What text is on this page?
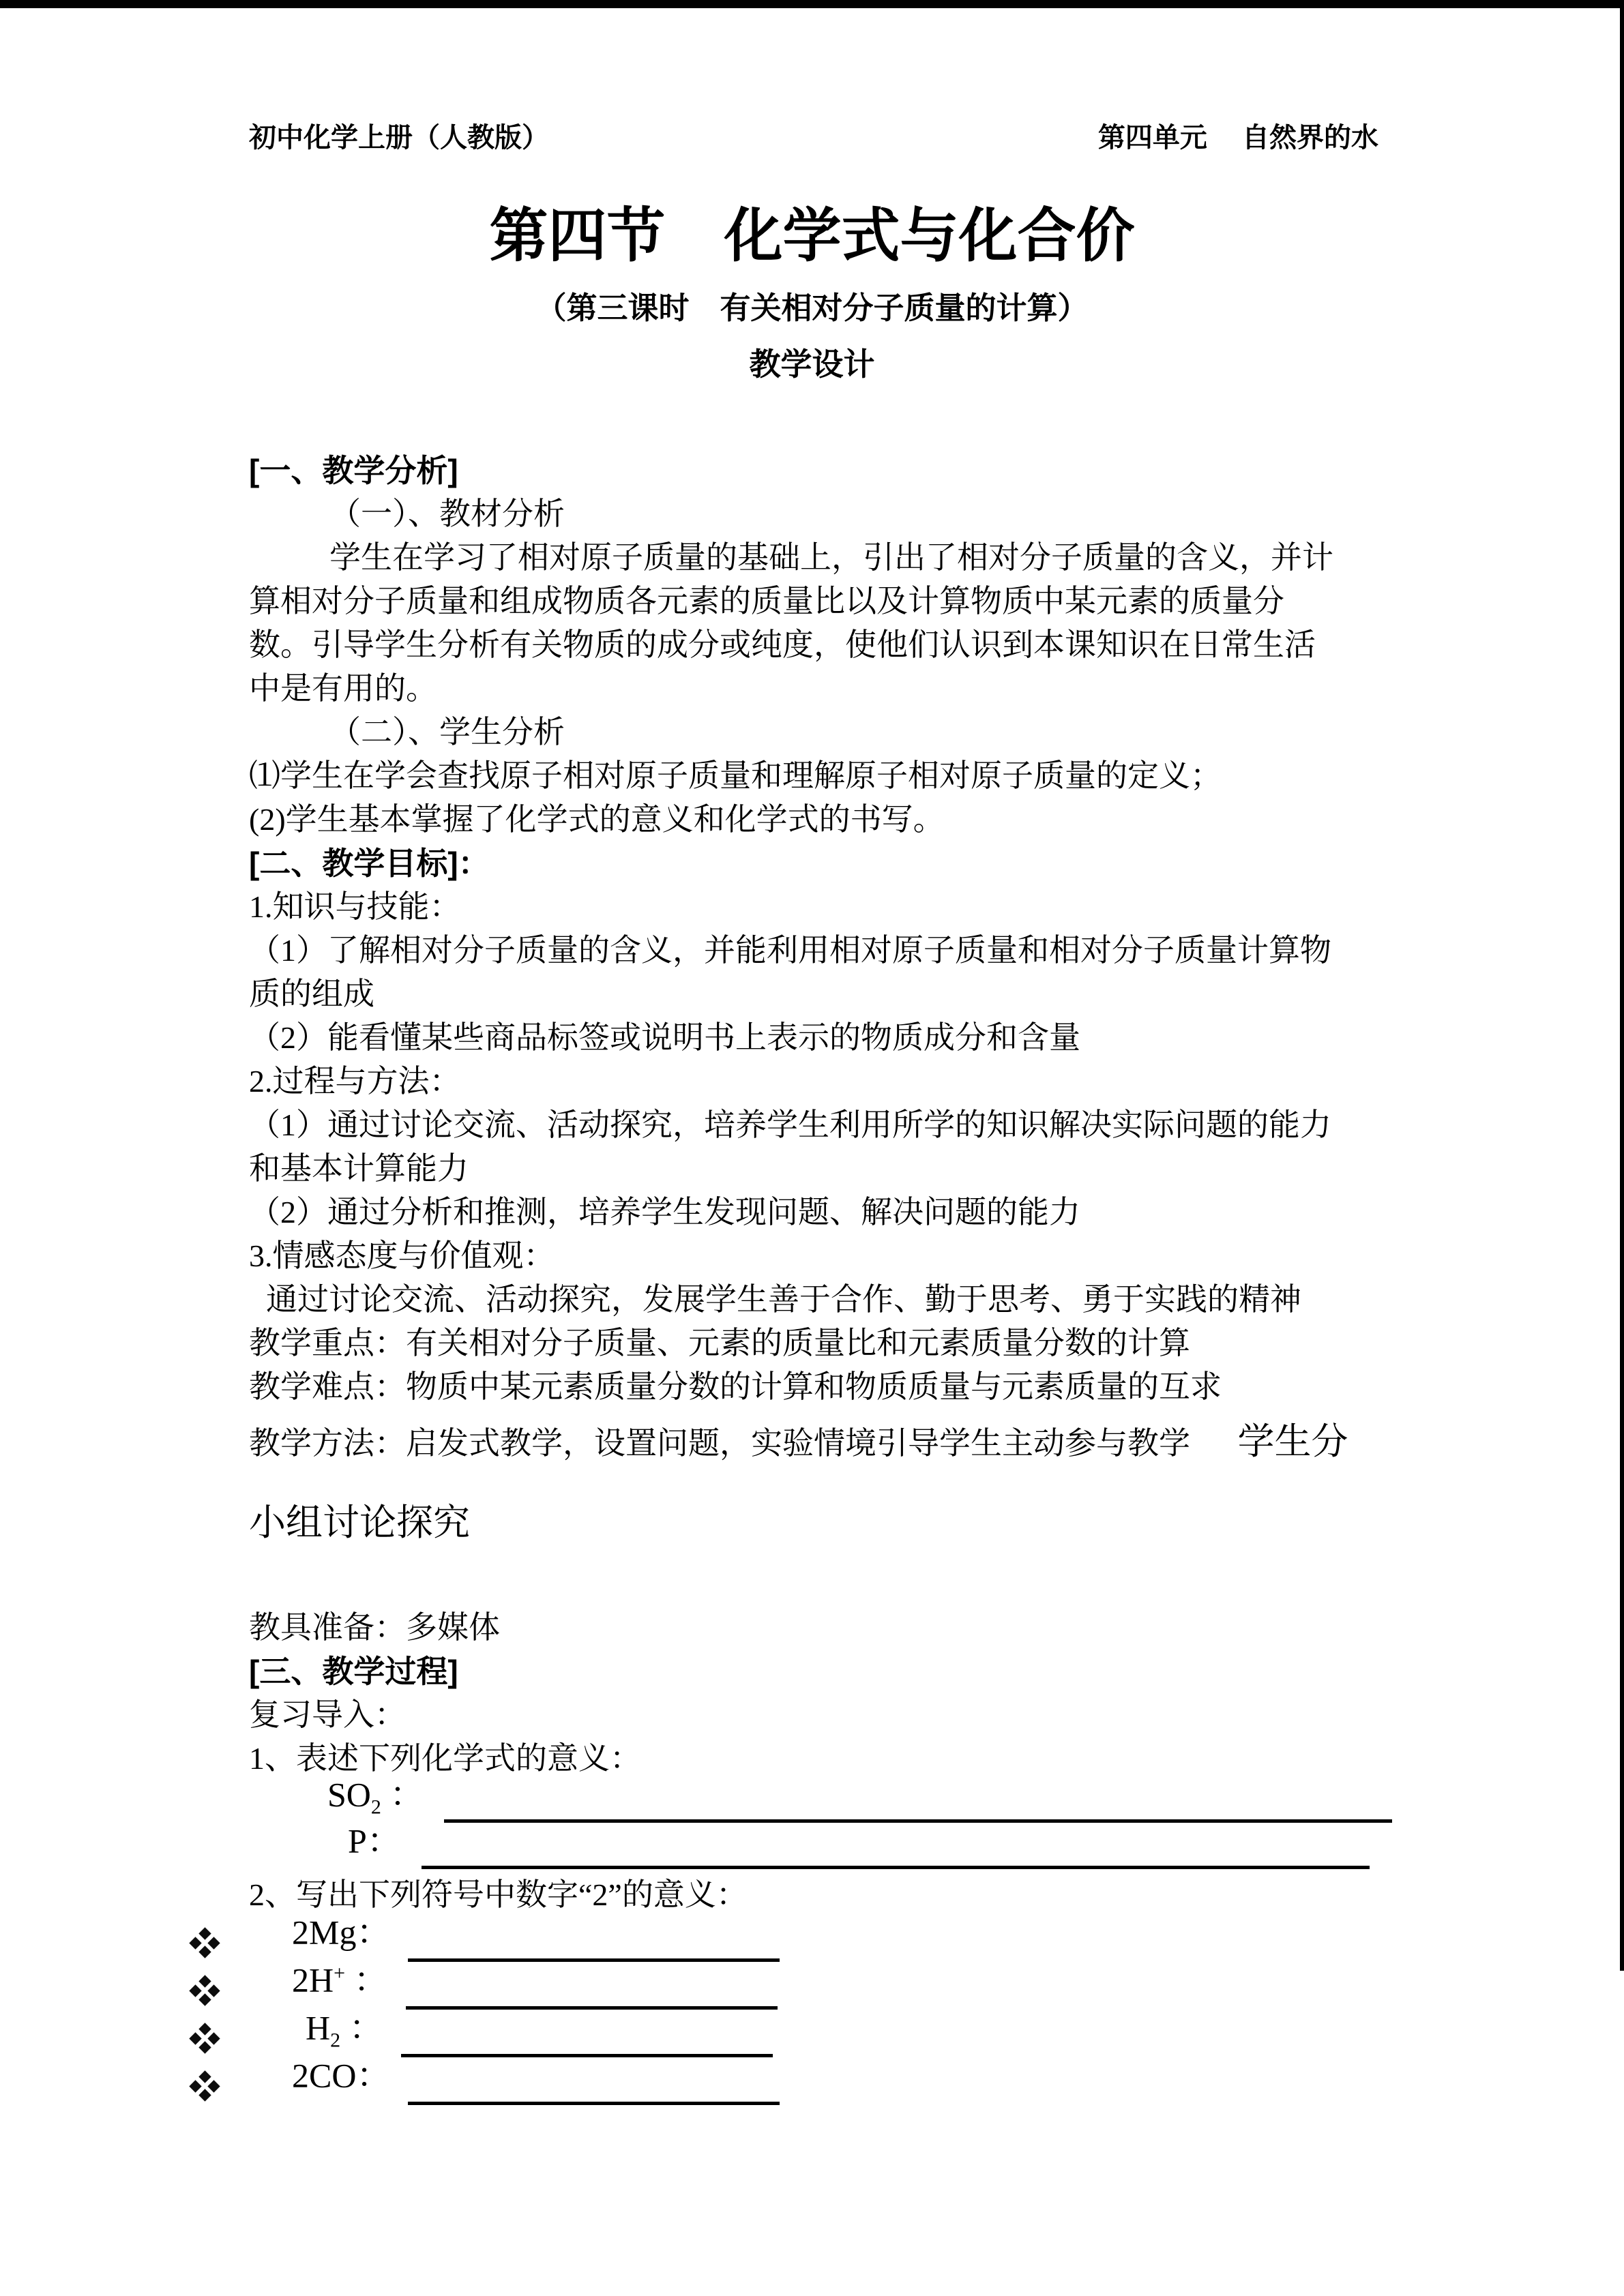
初中化学上册（人教版）	第四单元　 自然界的水
第四节　化学式与化合价
（第三课时　有关相对分子质量的计算）
教学设计
[一、教学分析]
（一）、教材分析
学生在学习了相对原子质量的基础上，引出了相对分子质量的含义，并计
算相对分子质量和组成物质各元素的质量比以及计算物质中某元素的质量分
数。引导学生分析有关物质的成分或纯度，使他们认识到本课知识在日常生活
中是有用的。
（二）、学生分析
⑴学生在学会查找原子相对原子质量和理解原子相对原子质量的定义；
(2)学生基本掌握了化学式的意义和化学式的书写。
[二、教学目标]：
1.知识与技能：
（1）了解相对分子质量的含义，并能利用相对原子质量和相对分子质量计算物
质的组成
（2）能看懂某些商品标签或说明书上表示的物质成分和含量
2.过程与方法：
（1）通过讨论交流、活动探究，培养学生利用所学的知识解决实际问题的能力
和基本计算能力
（2）通过分析和推测，培养学生发现问题、解决问题的能力
3.情感态度与价值观：
通过讨论交流、活动探究，发展学生善于合作、勤于思考、勇于实践的精神
教学重点：有关相对分子质量、元素的质量比和元素质量分数的计算
教学难点：物质中某元素质量分数的计算和物质质量与元素质量的互求
教学方法：启发式教学，设置问题，实验情境引导学生主动参与教学 学生分
小组讨论探究
教具准备：多媒体
[三、教学过程]
复习导入：
1、表述下列化学式的意义：
$SO_2$ ：
P：
2、写出下列符号中数字“2”的意义：
2Mg：
2H+ ：
$H_2$ ：
2CO：
